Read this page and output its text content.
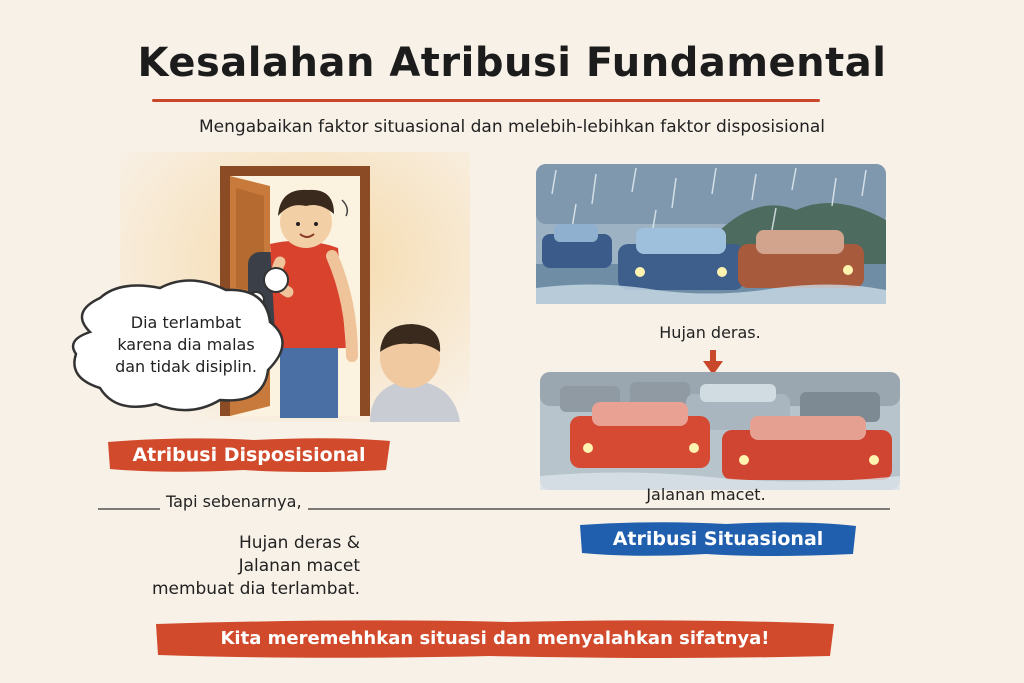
Kesalahan Atribusi Fundamental
Mengabaikan faktor situasional dan melebih-lebihkan faktor disposisional
Dia terlambat
karena dia malas
dan tidak disiplin.
Atribusi Disposisional
Hujan deras.
Jalanan macet.
Tapi sebenarnya,
Atribusi Situasional
Hujan deras &
Jalanan macet
membuat dia terlambat.
Kita meremehhkan situasi dan menyalahkan sifatnya!
